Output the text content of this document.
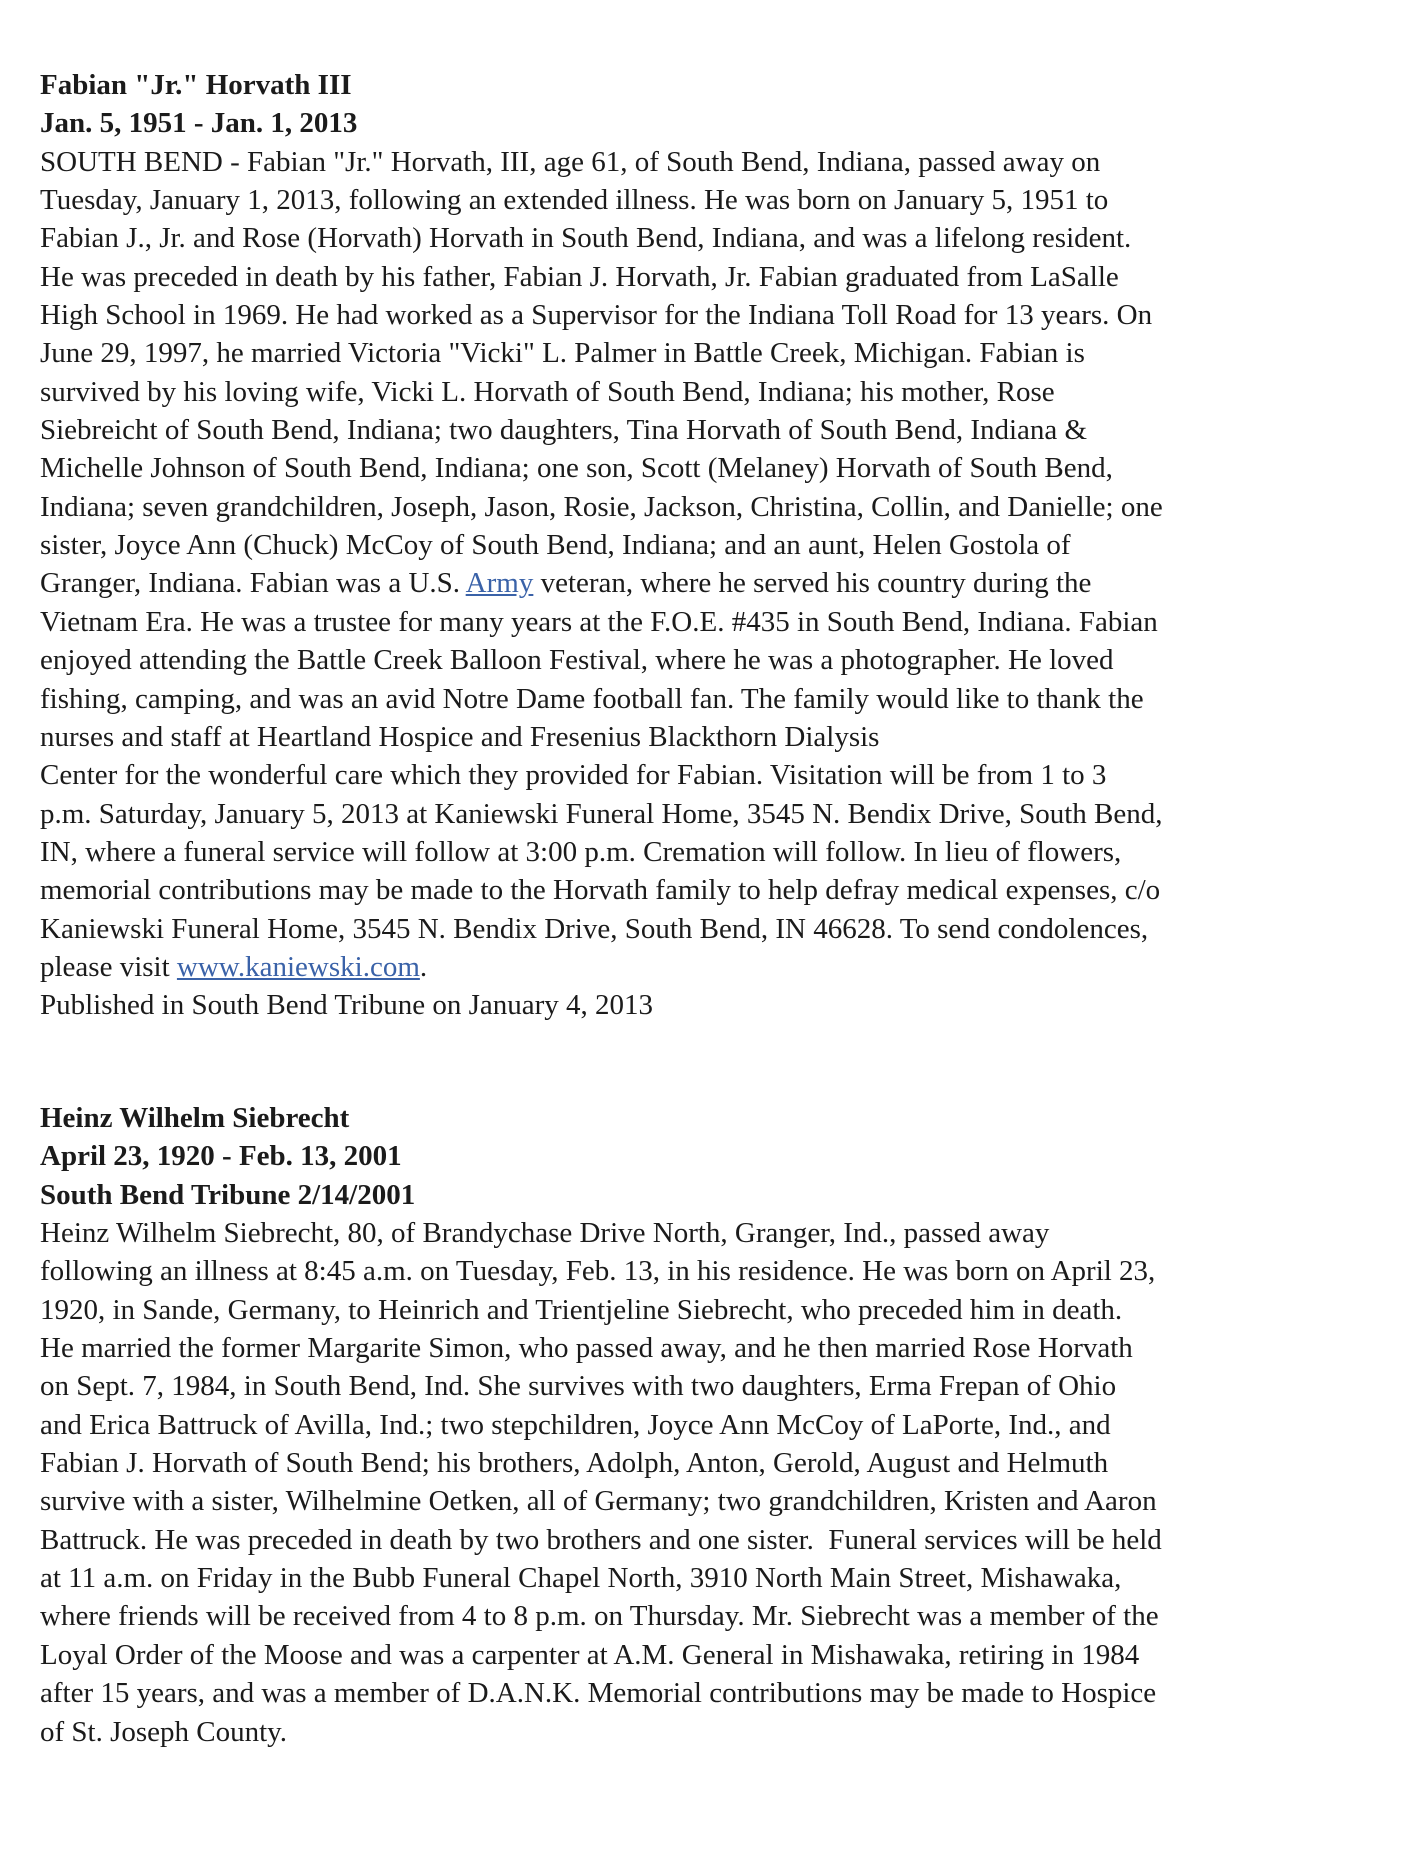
Fabian "Jr." Horvath III
Jan. 5, 1951 - Jan. 1, 2013
SOUTH BEND - Fabian "Jr." Horvath, III, age 61, of South Bend, Indiana, passed away on
Tuesday, January 1, 2013, following an extended illness. He was born on January 5, 1951 to
Fabian J., Jr. and Rose (Horvath) Horvath in South Bend, Indiana, and was a lifelong resident.
He was preceded in death by his father, Fabian J. Horvath, Jr. Fabian graduated from LaSalle
High School in 1969. He had worked as a Supervisor for the Indiana Toll Road for 13 years. On
June 29, 1997, he married Victoria "Vicki" L. Palmer in Battle Creek, Michigan. Fabian is
survived by his loving wife, Vicki L. Horvath of South Bend, Indiana; his mother, Rose
Siebreicht of South Bend, Indiana; two daughters, Tina Horvath of South Bend, Indiana &
Michelle Johnson of South Bend, Indiana; one son, Scott (Melaney) Horvath of South Bend,
Indiana; seven grandchildren, Joseph, Jason, Rosie, Jackson, Christina, Collin, and Danielle; one
sister, Joyce Ann (Chuck) McCoy of South Bend, Indiana; and an aunt, Helen Gostola of
Granger, Indiana. Fabian was a U.S. Army veteran, where he served his country during the
Vietnam Era. He was a trustee for many years at the F.O.E. #435 in South Bend, Indiana. Fabian
enjoyed attending the Battle Creek Balloon Festival, where he was a photographer. He loved
fishing, camping, and was an avid Notre Dame football fan. The family would like to thank the
nurses and staff at Heartland Hospice and Fresenius Blackthorn Dialysis
Center for the wonderful care which they provided for Fabian. Visitation will be from 1 to 3
p.m. Saturday, January 5, 2013 at Kaniewski Funeral Home, 3545 N. Bendix Drive, South Bend,
IN, where a funeral service will follow at 3:00 p.m. Cremation will follow. In lieu of flowers,
memorial contributions may be made to the Horvath family to help defray medical expenses, c/o
Kaniewski Funeral Home, 3545 N. Bendix Drive, South Bend, IN 46628. To send condolences,
please visit www.kaniewski.com.
Published in South Bend Tribune on January 4, 2013
Heinz Wilhelm Siebrecht
April 23, 1920 - Feb. 13, 2001
South Bend Tribune 2/14/2001
Heinz Wilhelm Siebrecht, 80, of Brandychase Drive North, Granger, Ind., passed away
following an illness at 8:45 a.m. on Tuesday, Feb. 13, in his residence. He was born on April 23,
1920, in Sande, Germany, to Heinrich and Trientjeline Siebrecht, who preceded him in death.
He married the former Margarite Simon, who passed away, and he then married Rose Horvath
on Sept. 7, 1984, in South Bend, Ind. She survives with two daughters, Erma Frepan of Ohio
and Erica Battruck of Avilla, Ind.; two stepchildren, Joyce Ann McCoy of LaPorte, Ind., and
Fabian J. Horvath of South Bend; his brothers, Adolph, Anton, Gerold, August and Helmuth
survive with a sister, Wilhelmine Oetken, all of Germany; two grandchildren, Kristen and Aaron
Battruck. He was preceded in death by two brothers and one sister.  Funeral services will be held
at 11 a.m. on Friday in the Bubb Funeral Chapel North, 3910 North Main Street, Mishawaka,
where friends will be received from 4 to 8 p.m. on Thursday. Mr. Siebrecht was a member of the
Loyal Order of the Moose and was a carpenter at A.M. General in Mishawaka, retiring in 1984
after 15 years, and was a member of D.A.N.K. Memorial contributions may be made to Hospice
of St. Joseph County.
